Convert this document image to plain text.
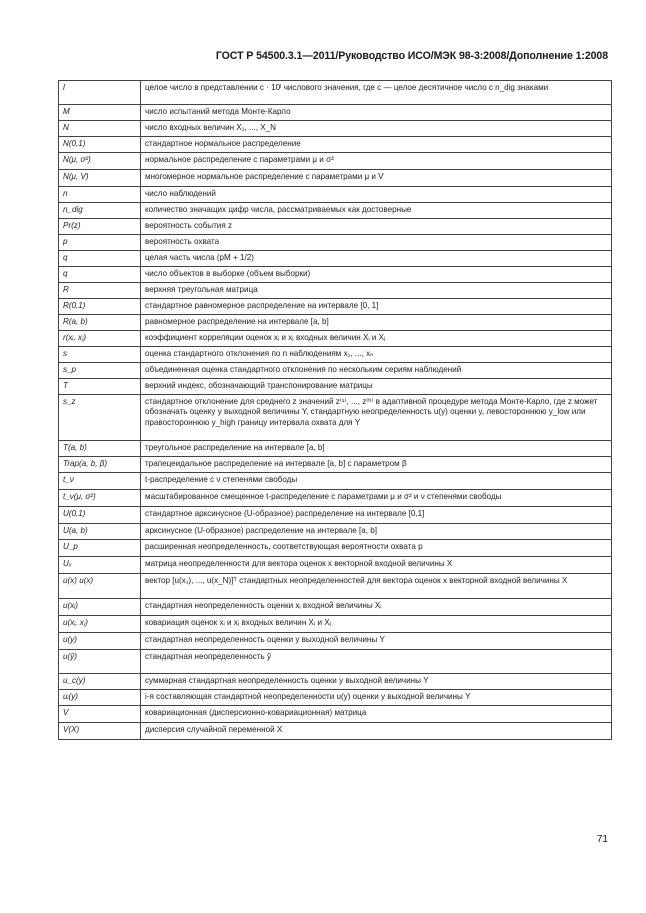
ГОСТ Р 54500.3.1—2011/Руководство ИСО/МЭК 98-3:2008/Дополнение 1:2008
l	целое число в представлении c · 10ˡ числового значения, где c — целое десятичное число с n_dig знаками
M	число испытаний метода Монте-Карло
N	число входных величин X₁, ..., X_N
N(0,1)	стандартное нормальное распределение
N(μ, σ²)	нормальное распределение с параметрами μ и σ²
N(μ, V)	многомерное нормальное распределение с параметрами μ и V
n	число наблюдений
n_dig	количество значащих цифр числа, рассматриваемых как достоверные
Pr(z)	вероятность события z
p	вероятность охвата
q	целая часть числа (pM + 1/2)
q	число объектов в выборке (объем выборки)
R	верхняя треугольная матрица
R(0,1)	стандартное равномерное распределение на интервале [0, 1]
R(a, b)	равномерное распределение на интервале [a, b]
r(xᵢ, xⱼ)	коэффициент корреляции оценок xᵢ и xⱼ входных величин Xᵢ и Xⱼ
s	оценка стандартного отклонения по n наблюдениям x₁, ..., xₙ
s_p	объединенная оценка стандартного отклонения по нескольким сериям наблюдений
T	верхний индекс, обозначающий транспонирование матрицы
s_z	стандартное отклонение для среднего z значений z⁽¹⁾, ..., z⁽ʰ⁾ в адаптивной процедуре метода Монте-Карло, где z может обозначать оценку y выходной величины Y, стандартную неопределенность u(y) оценки y, левостороннюю y_low или правостороннюю y_high границу интервала охвата для Y
T(a, b)	треугольное распределение на интервале [a, b]
Trap(a, b, β)	трапецеидальное распределение на интервале [a, b] с параметром β
t_ν	t-распределение с ν степенями свободы
t_ν(μ, σ²)	масштабированное смещенное t-распределение с параметрами μ и σ² и ν степенями свободы
U(0,1)	стандартное арксинусное (U-образное) распределение на интервале [0,1]
U(a, b)	арксинусное (U-образное) распределение на интервале [a, b]
U_p	расширенная неопределенность, соответствующая вероятности охвата p
Uₓ	матрица неопределенности для вектора оценок x векторной входной величины X
u(x) u(x)	вектор [u(x₁), ..., u(x_N)]ᵀ стандартных неопределенностей для вектора оценок x векторной входной величины X
u(xᵢ)	стандартная неопределенность оценки xᵢ входной величины Xᵢ
u(xᵢ, xⱼ)	ковариация оценок xᵢ и xⱼ входных величин Xᵢ и Xⱼ
u(y)	стандартная неопределенность оценки y выходной величины Y
u(ỹ)	стандартная неопределенность ỹ
u_c(y)	суммарная стандартная неопределенность оценки y выходной величины Y
uᵢ(y)	i-я составляющая стандартной неопределенности u(y) оценки y выходной величины Y
V	ковариационная (дисперсионно-ковариационная) матрица
V(X)	дисперсия случайной переменной X
71
